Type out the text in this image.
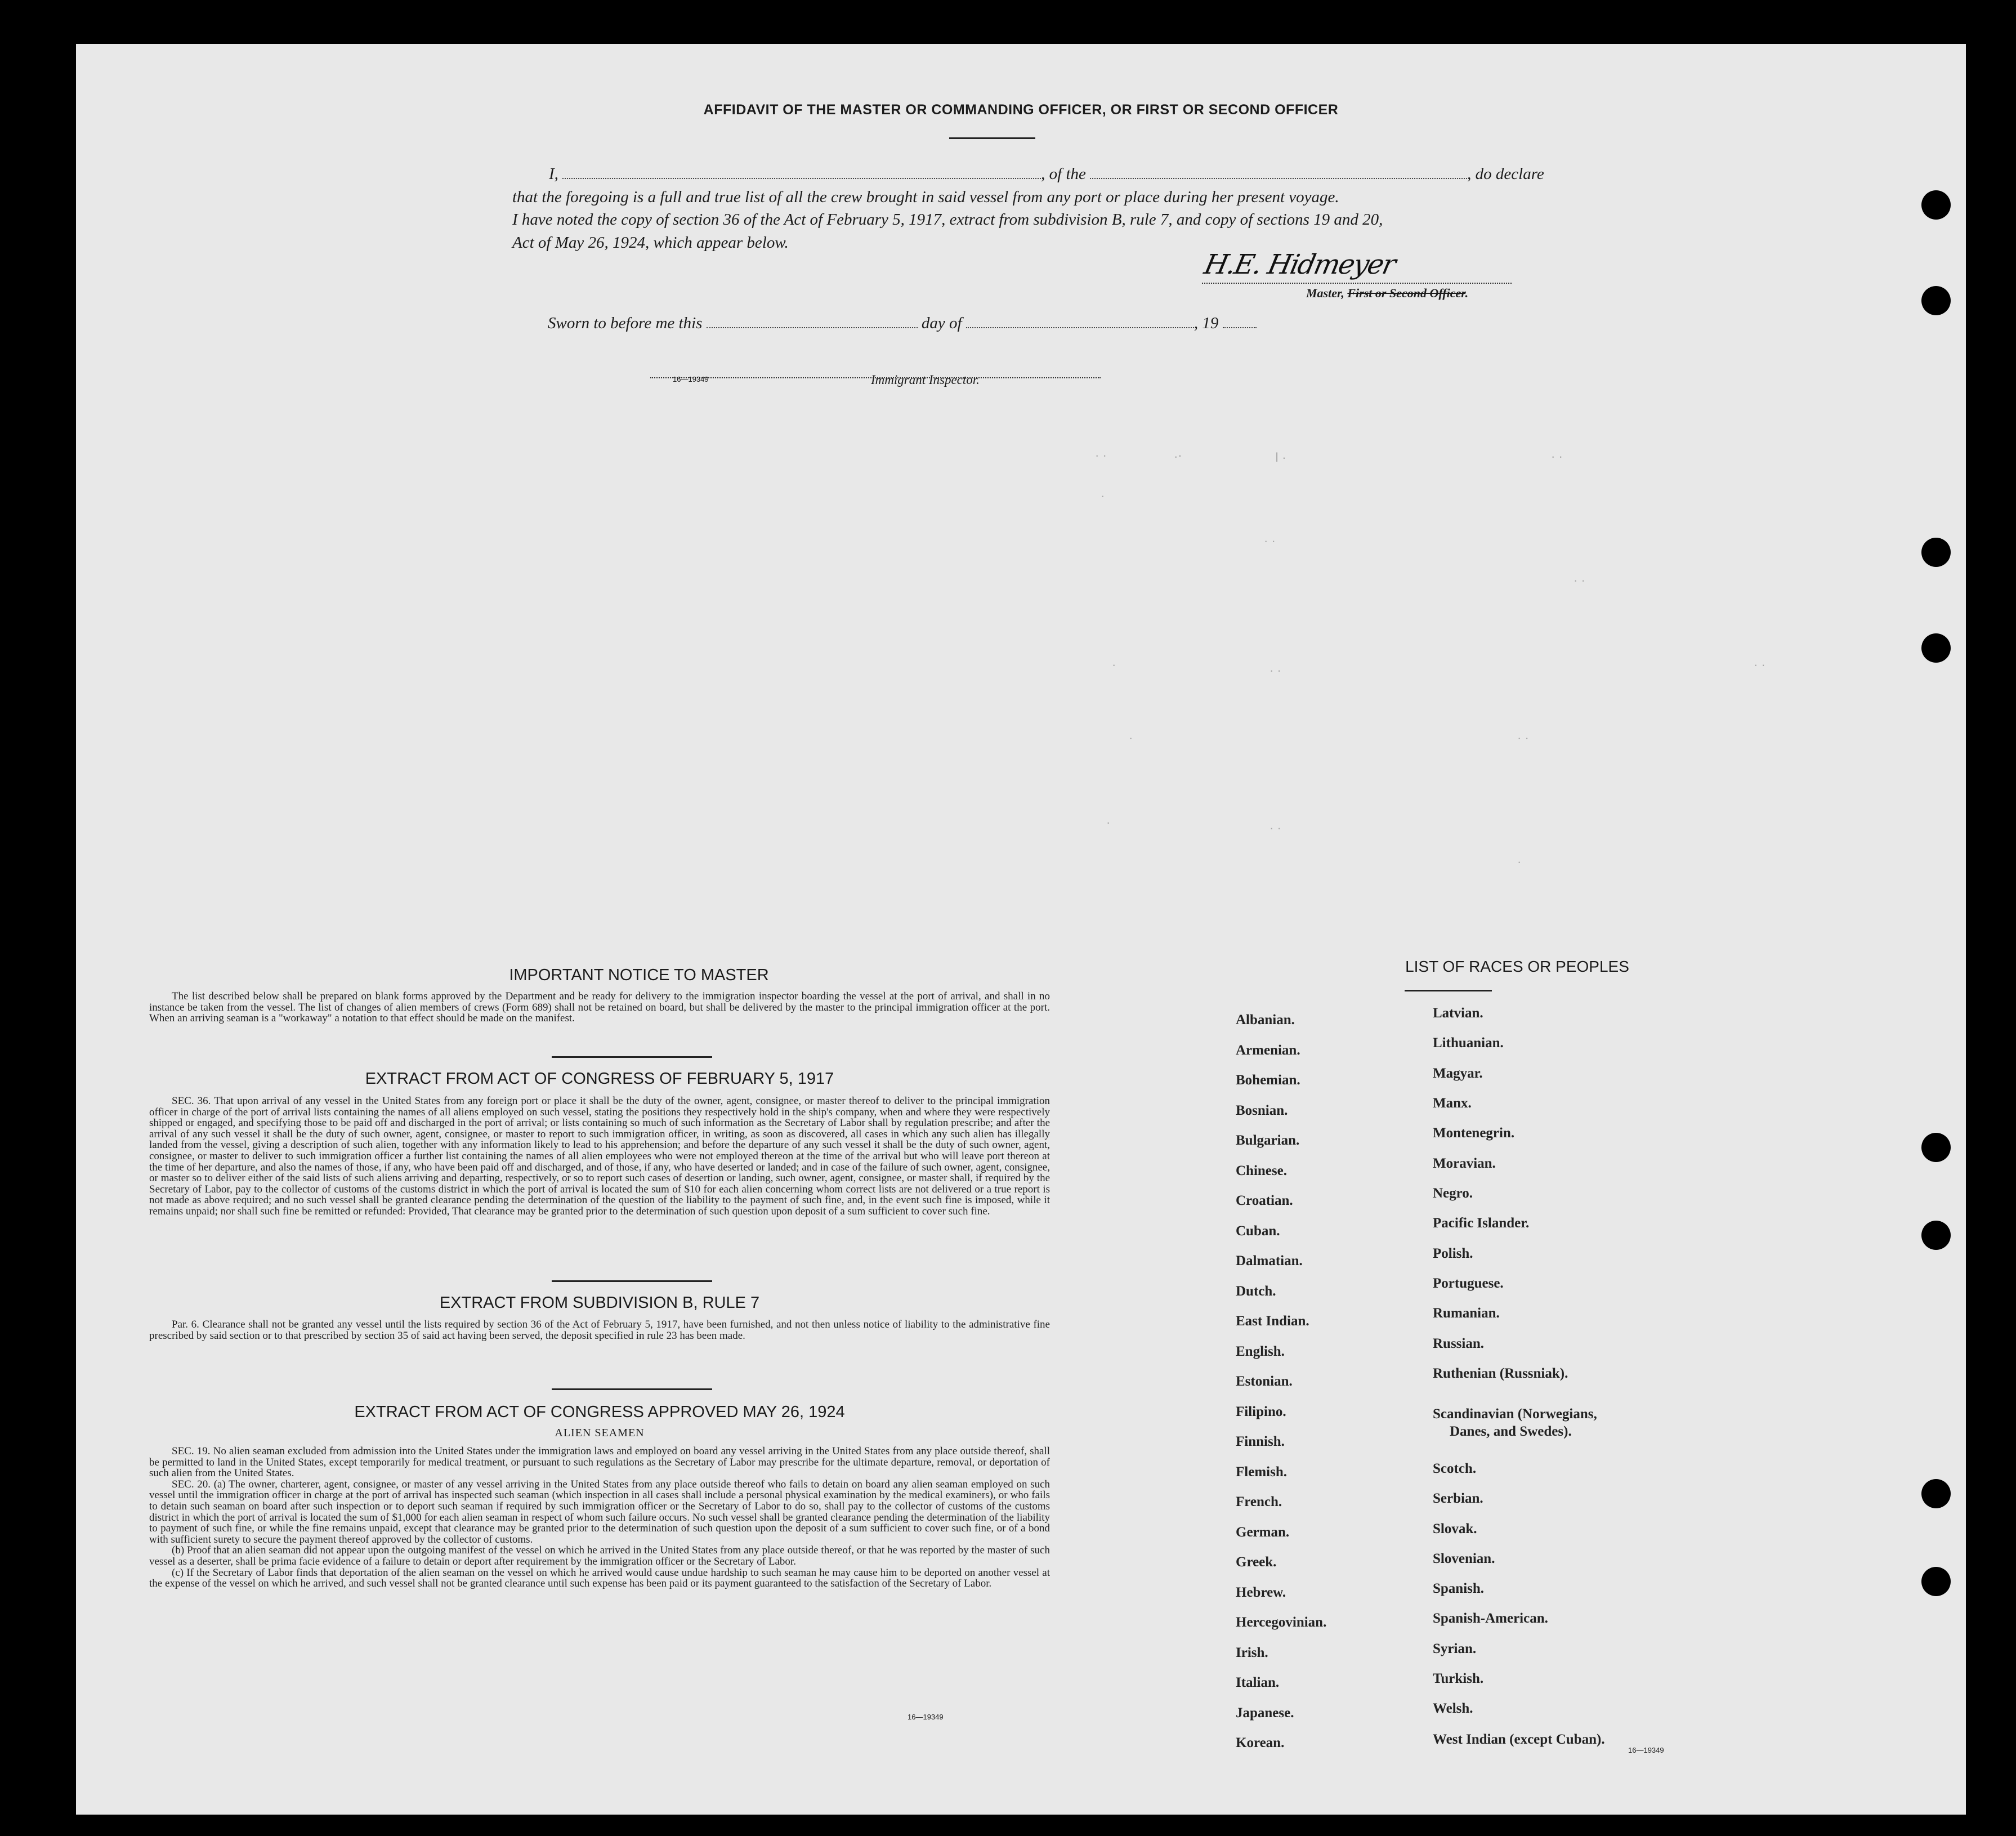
· ·	·‧	ⅼ ·	· ·
·
· ·
· ·
·	· ·	· ·
·	· ·
·	· ·
·
AFFIDAVIT OF THE MASTER OR COMMANDING OFFICER, OR FIRST OR SECOND OFFICER
I,	, of the	, do declare
that the foregoing is a full and true list of all the crew brought in said vessel from any port or place during her present voyage.
I have noted the copy of section 36 of the Act of February 5, 1917, extract from subdivision B, rule 7, and copy of sections 19 and 20,
Act of May 26, 1924, which appear below.
H.E. Hidmeyer
Master, First or Second Officer.
Sworn to before me this	day of	, 19
16—19349	Immigrant Inspector.
IMPORTANT NOTICE TO MASTER

The list described below shall be prepared on blank forms approved by the Department and be ready for delivery to the immigration inspector boarding the vessel at the port of arrival, and shall in no instance be taken from the vessel. The list of changes of alien members of crews (Form 689) shall not be retained on board, but shall be delivered by the master to the principal immigration officer at the port. When an arriving seaman is a "workaway" a notation to that effect should be made on the manifest.

EXTRACT FROM ACT OF CONGRESS OF FEBRUARY 5, 1917

SEC. 36. That upon arrival of any vessel in the United States from any foreign port or place it shall be the duty of the owner, agent, consignee, or master thereof to deliver to the principal immigration officer in charge of the port of arrival lists containing the names of all aliens employed on such vessel, stating the positions they respectively hold in the ship's company, when and where they were respectively shipped or engaged, and specifying those to be paid off and discharged in the port of arrival; or lists containing so much of such information as the Secretary of Labor shall by regulation prescribe; and after the arrival of any such vessel it shall be the duty of such owner, agent, consignee, or master to report to such immigration officer, in writing, as soon as discovered, all cases in which any such alien has illegally landed from the vessel, giving a description of such alien, together with any information likely to lead to his apprehension; and before the departure of any such vessel it shall be the duty of such owner, agent, consignee, or master to deliver to such immigration officer a further list containing the names of all alien employees who were not employed thereon at the time of the arrival but who will leave port thereon at the time of her departure, and also the names of those, if any, who have been paid off and discharged, and of those, if any, who have deserted or landed; and in case of the failure of such owner, agent, consignee, or master so to deliver either of the said lists of such aliens arriving and departing, respectively, or so to report such cases of desertion or landing, such owner, agent, consignee, or master shall, if required by the Secretary of Labor, pay to the collector of customs of the customs district in which the port of arrival is located the sum of $10 for each alien concerning whom correct lists are not delivered or a true report is not made as above required; and no such vessel shall be granted clearance pending the determination of the question of the liability to the payment of such fine, and, in the event such fine is imposed, while it remains unpaid; nor shall such fine be remitted or refunded: Provided, That clearance may be granted prior to the determination of such question upon deposit of a sum sufficient to cover such fine.

EXTRACT FROM SUBDIVISION B, RULE 7

Par. 6. Clearance shall not be granted any vessel until the lists required by section 36 of the Act of February 5, 1917, have been furnished, and not then unless notice of liability to the administrative fine prescribed by said section or to that prescribed by section 35 of said act having been served, the deposit specified in rule 23 has been made.

EXTRACT FROM ACT OF CONGRESS APPROVED MAY 26, 1924
ALIEN SEAMEN

SEC. 19. No alien seaman excluded from admission into the United States under the immigration laws and employed on board any vessel arriving in the United States from any place outside thereof, shall be permitted to land in the United States, except temporarily for medical treatment, or pursuant to such regulations as the Secretary of Labor may prescribe for the ultimate departure, removal, or deportation of such alien from the United States.

SEC. 20. (a) The owner, charterer, agent, consignee, or master of any vessel arriving in the United States from any place outside thereof who fails to detain on board any alien seaman employed on such vessel until the immigration officer in charge at the port of arrival has inspected such seaman (which inspection in all cases shall include a personal physical examination by the medical examiners), or who fails to detain such seaman on board after such inspection or to deport such seaman if required by such immigration officer or the Secretary of Labor to do so, shall pay to the collector of customs of the customs district in which the port of arrival is located the sum of $1,000 for each alien seaman in respect of whom such failure occurs. No such vessel shall be granted clearance pending the determination of the liability to payment of such fine, or while the fine remains unpaid, except that clearance may be granted prior to the determination of such question upon the deposit of a sum sufficient to cover such fine, or of a bond with sufficient surety to secure the payment thereof approved by the collector of customs.

(b) Proof that an alien seaman did not appear upon the outgoing manifest of the vessel on which he arrived in the United States from any place outside thereof, or that he was reported by the master of such vessel as a deserter, shall be prima facie evidence of a failure to detain or deport after requirement by the immigration officer or the Secretary of Labor.

(c) If the Secretary of Labor finds that deportation of the alien seaman on the vessel on which he arrived would cause undue hardship to such seaman he may cause him to be deported on another vessel at the expense of the vessel on which he arrived, and such vessel shall not be granted clearance until such expense has been paid or its payment guaranteed to the satisfaction of the Secretary of Labor.

16—19349
LIST OF RACES OR PEOPLES
Albanian.
Armenian.
Bohemian.
Bosnian.
Bulgarian.
Chinese.
Croatian.
Cuban.
Dalmatian.
Dutch.
East Indian.
English.
Estonian.
Filipino.
Finnish.
Flemish.
French.
German.
Greek.
Hebrew.
Hercegovinian.
Irish.
Italian.
Japanese.
Korean.
Latvian.
Lithuanian.
Magyar.
Manx.
Montenegrin.
Moravian.
Negro.
Pacific Islander.
Polish.
Portuguese.
Rumanian.
Russian.
Ruthenian (Russniak).
Scandinavian (Norwegians,
Danes, and Swedes).
Scotch.
Serbian.
Slovak.
Slovenian.
Spanish.
Spanish-American.
Syrian.
Turkish.
Welsh.
West Indian (except Cuban).
16—19349
